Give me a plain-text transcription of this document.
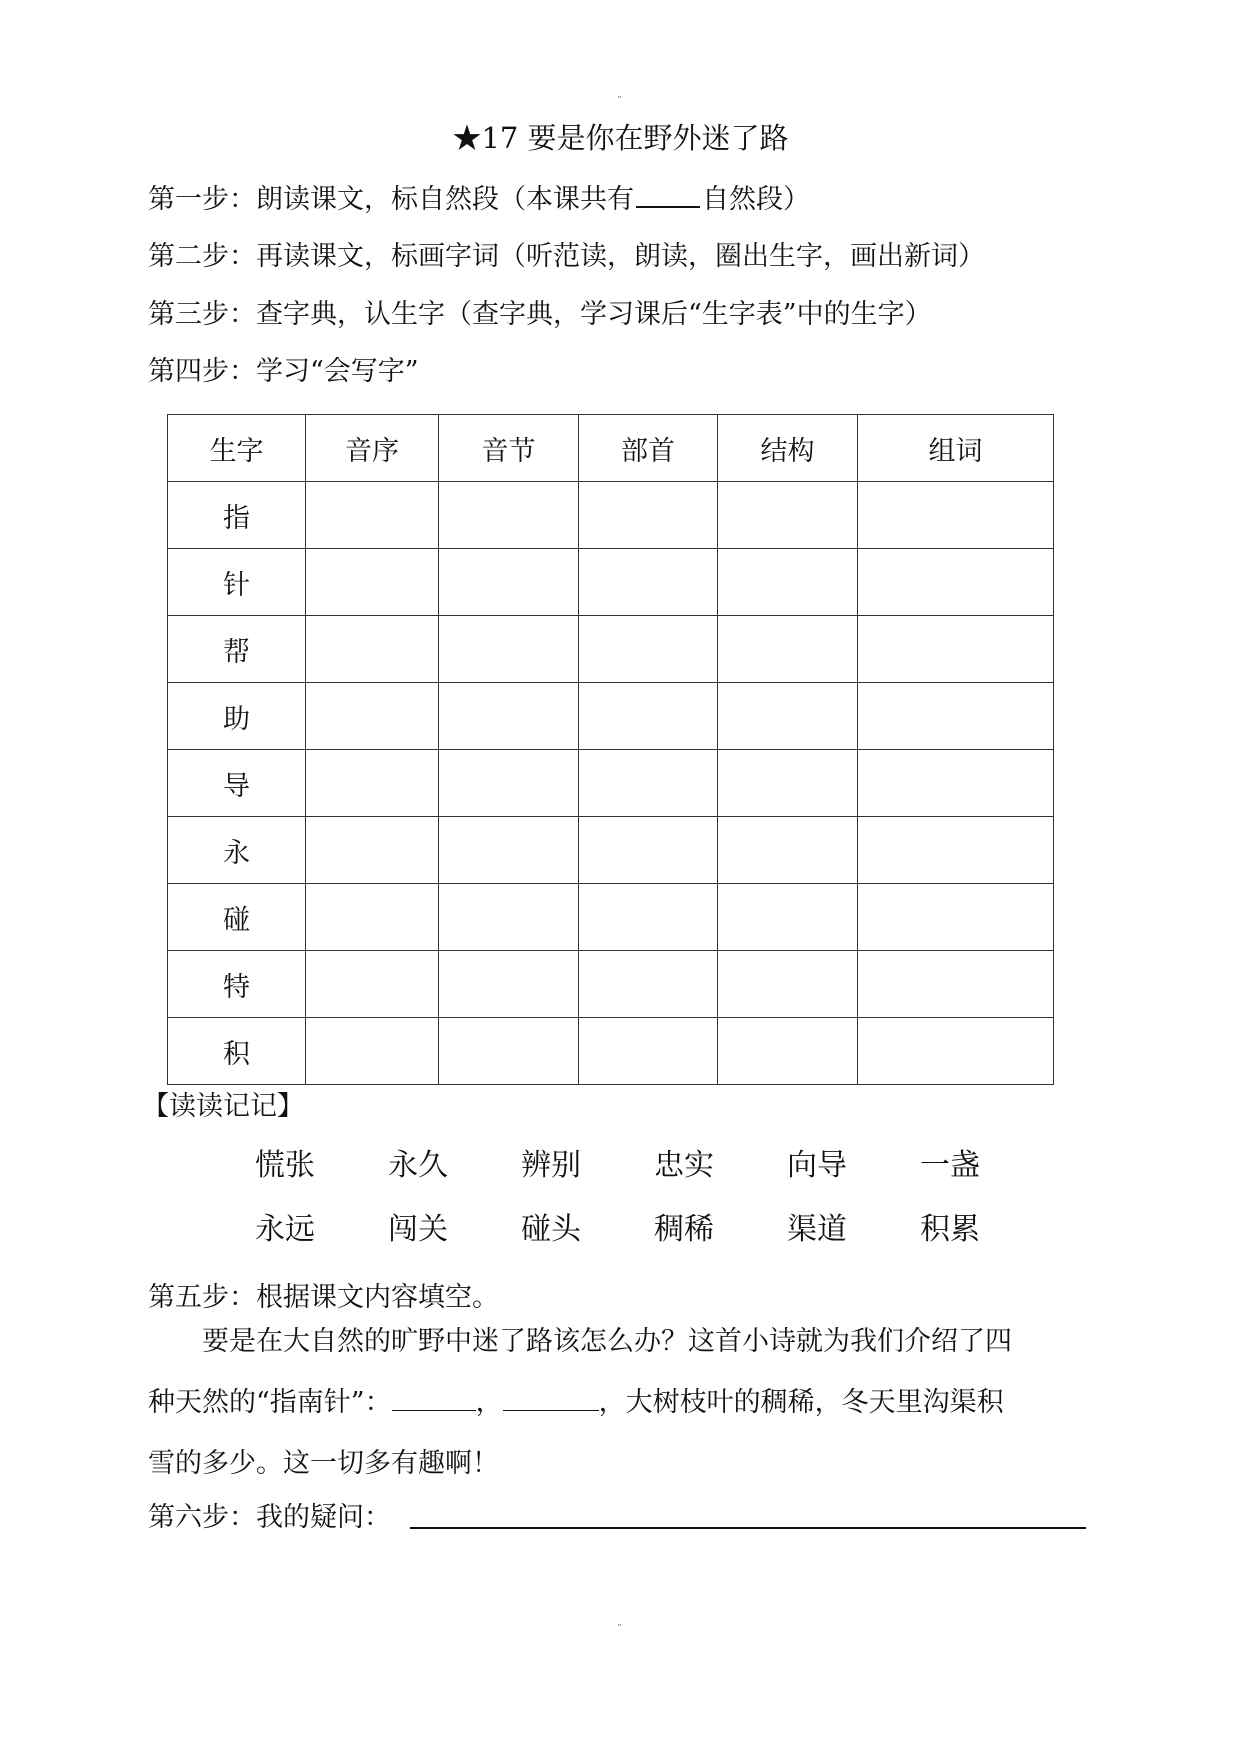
¨
★17 要是你在野外迷了路
第一步：朗读课文，标自然段（本课共有	自然段）
第二步：再读课文，标画字词（听范读，朗读，圈出生字，画出新词）
第三步：查字典，认生字（查字典，学习课后“生字表”中的生字）
第四步：学习“会写字”
生字	音序	音节	部首	结构	组词
指					
针					
帮					
助					
导					
永					
碰					
特					
积					
【读读记记】
慌张 永久 辨别 忠实 向导 一盏
永远 闯关 碰头 稠稀 渠道 积累
第五步：根据课文内容填空。
要是在大自然的旷野中迷了路该怎么办？这首小诗就为我们介绍了四
种天然的“指南针”：	，	，大树枝叶的稠稀，冬天里沟渠积
雪的多少。这一切多有趣啊！
第六步：我的疑问：
¨
